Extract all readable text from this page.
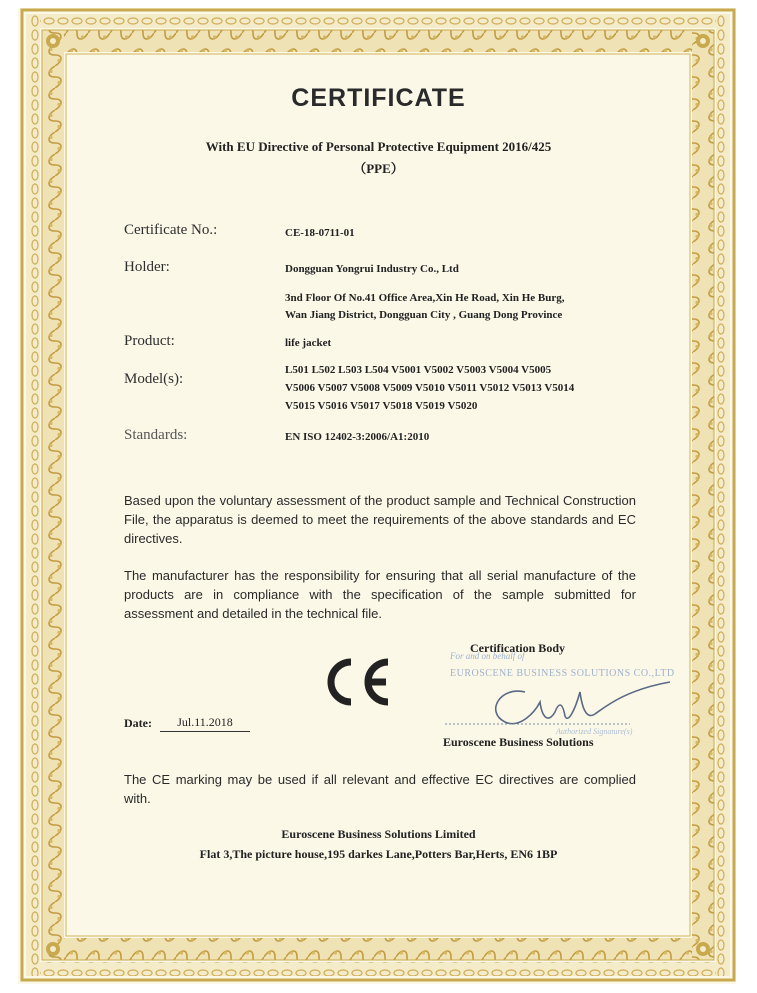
CERTIFICATE
With EU Directive of Personal Protective Equipment 2016/425
（PPE）
Certificate No.:	CE-18-0711-01
Holder:	Dongguan Yongrui Industry Co., Ltd
3nd Floor Of No.41 Office Area,Xin He Road, Xin He Burg,
Wan Jiang District, Dongguan City , Guang Dong Province
Product:	life jacket
Model(s):
L501 L502 L503 L504 V5001 V5002 V5003 V5004 V5005
V5006 V5007 V5008 V5009 V5010 V5011 V5012 V5013 V5014
V5015 V5016 V5017 V5018 V5019 V5020
Standards:	EN ISO 12402-3:2006/A1:2010
Based upon the voluntary assessment of the product sample and Technical Construction File, the apparatus is deemed to meet the requirements of the above standards and EC directives.
The manufacturer has the responsibility for ensuring that all serial manufacture of the products are in compliance with the specification of the sample submitted for assessment and detailed in the technical file.
Certification Body
For and on behalf of
EUROSCENE BUSINESS SOLUTIONS CO.,LTD
Authorized Signature(s)
Euroscene Business Solutions
Date:	Jul.11.2018
The CE marking may be used if all relevant and effective EC directives are complied with.
Euroscene Business Solutions Limited
Flat 3,The picture house,195 darkes Lane,Potters Bar,Herts, EN6 1BP
